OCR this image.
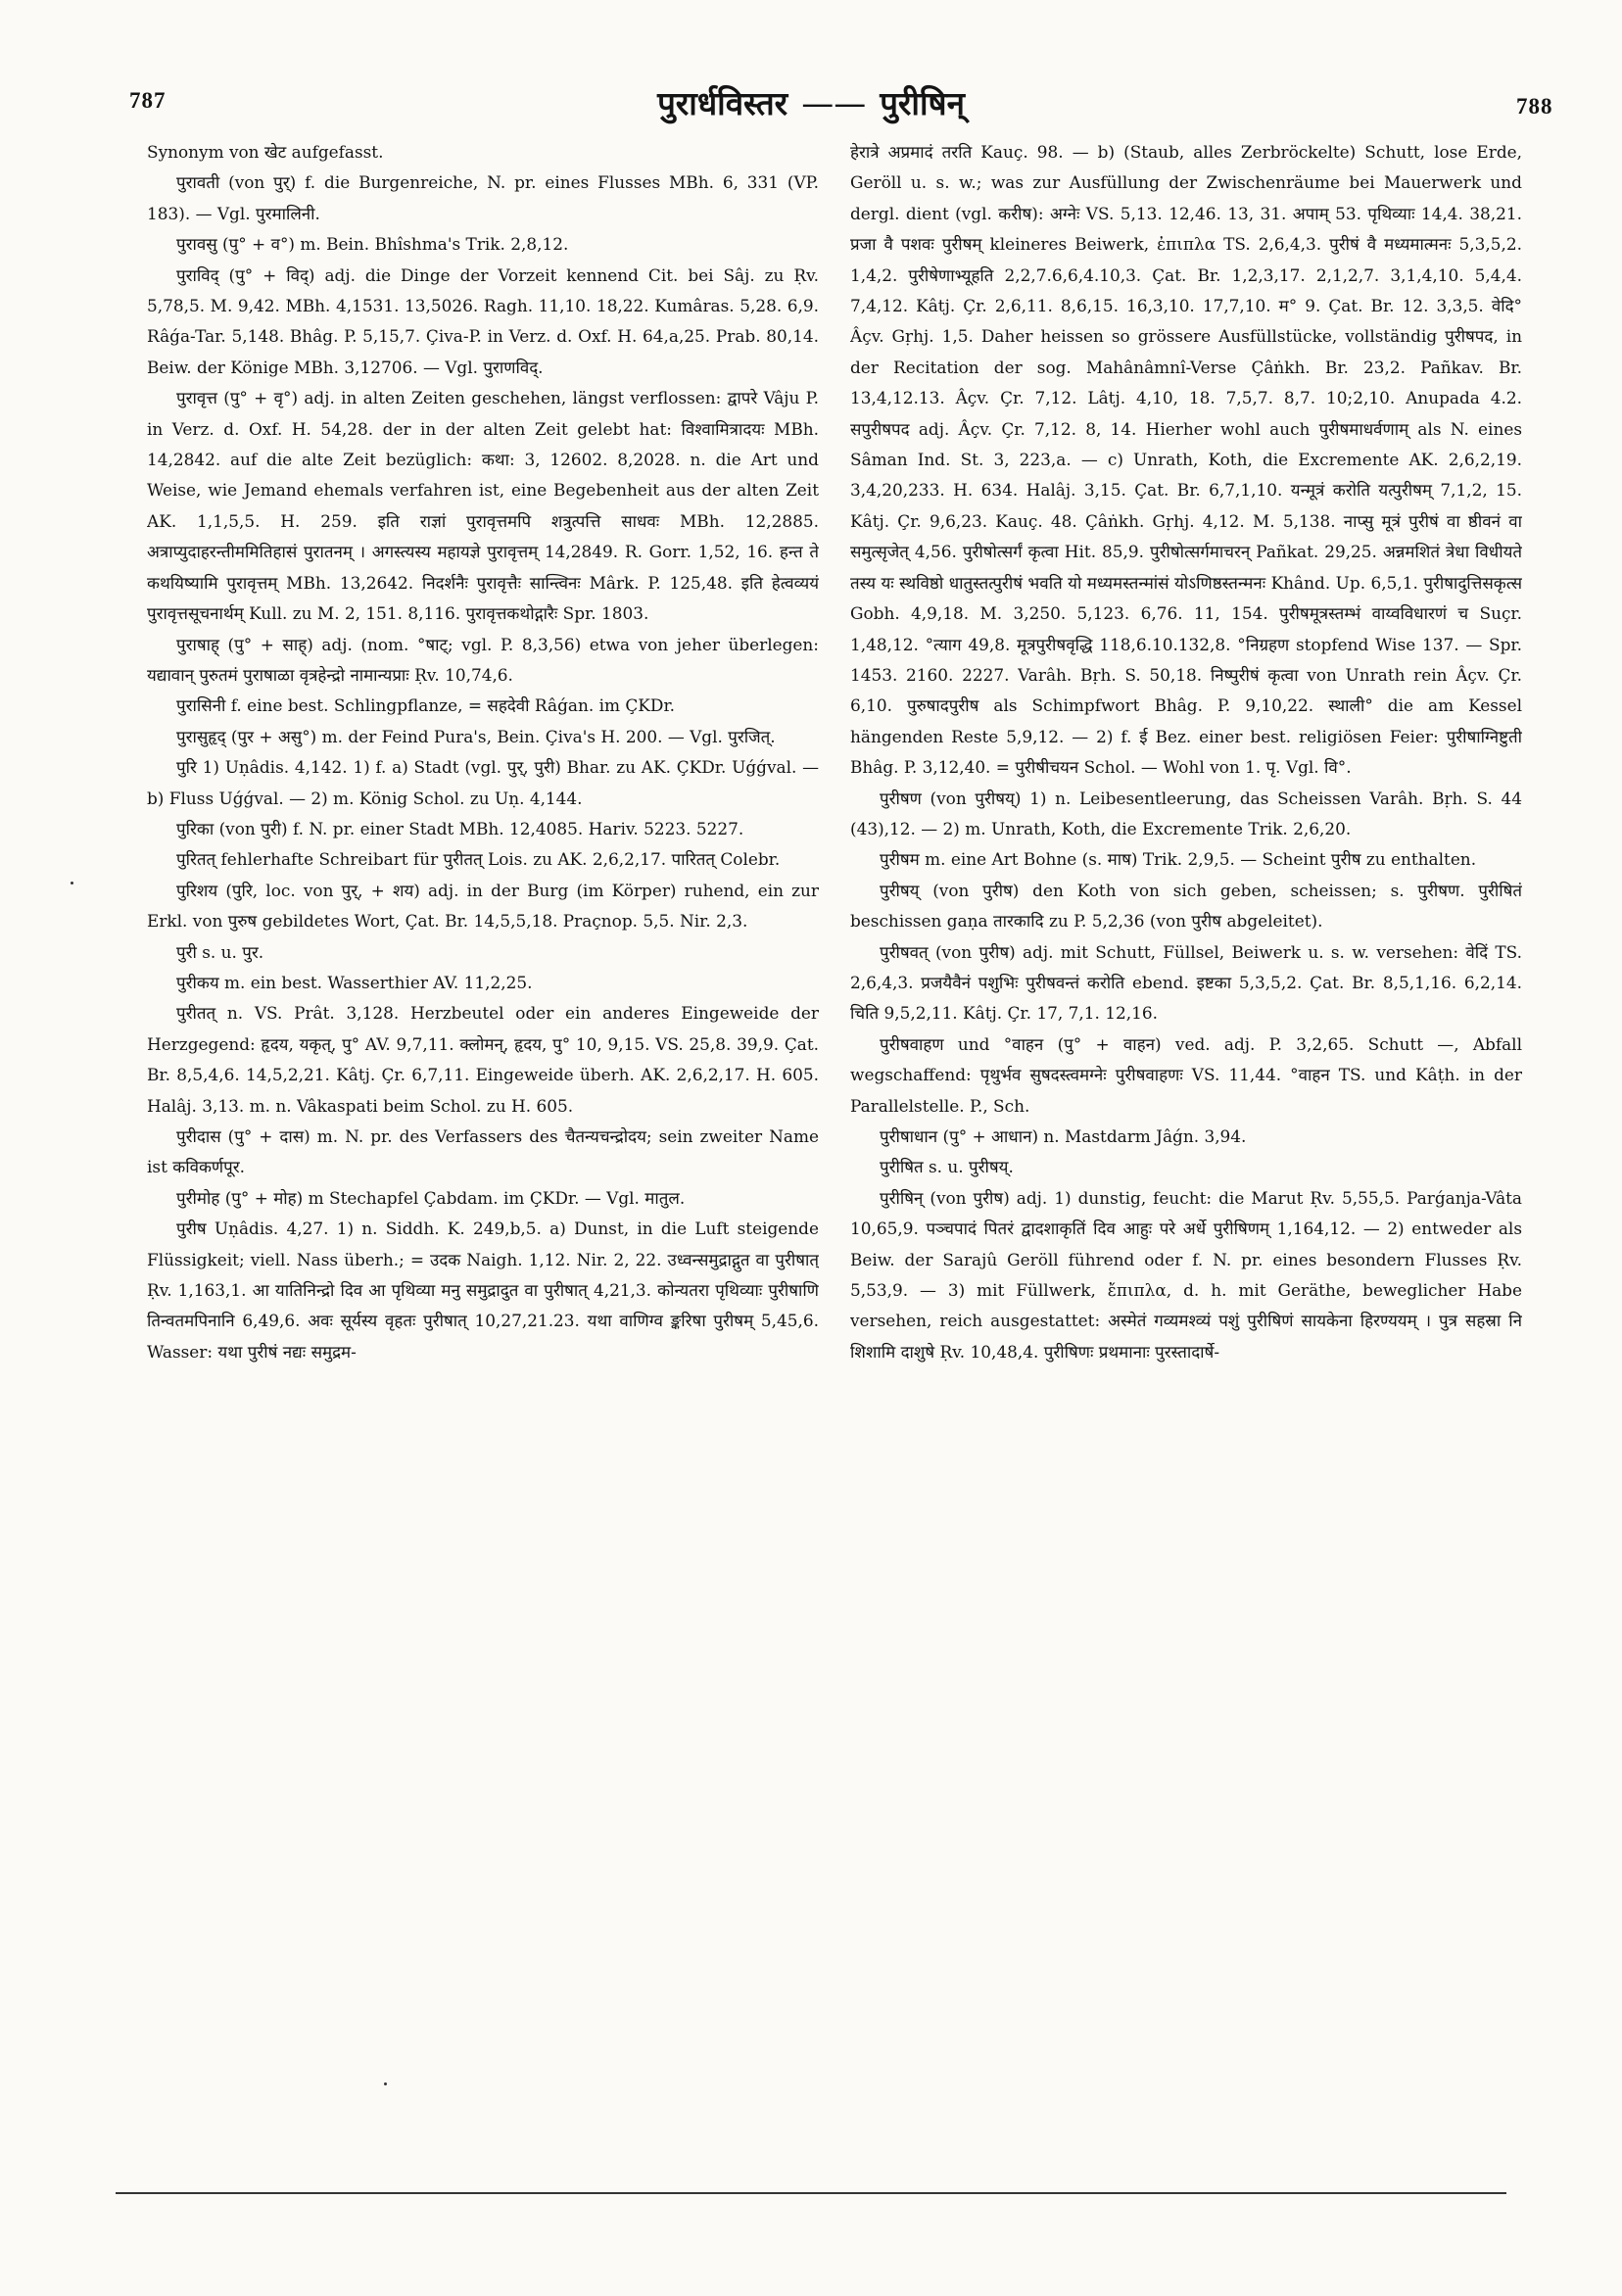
787	पुरार्धविस्तर —— पुरीषिन्	788

Synonym von खेट aufgefasst.

पुरावती (von पुर्) f. die Burgenreiche, N. pr. eines Flusses MBh. 6, 331 (VP. 183). — Vgl. पुरमालिनी.

पुरावसु (पु° + व°) m. Bein. Bhîshma's Trik. 2,8,12.

पुराविद् (पु° + विद्) adj. die Dinge der Vorzeit kennend Cit. bei Sâj. zu Ṛv. 5,78,5. M. 9,42. MBh. 4,1531. 13,5026. Ragh. 11,10. 18,22. Kumâras. 5,28. 6,9. Râǵa-Tar. 5,148. Bhâg. P. 5,15,7. Çiva-P. in Verz. d. Oxf. H. 64,a,25. Prab. 80,14. Beiw. der Könige MBh. 3,12706. — Vgl. पुराणविद्.

पुरावृत्त (पु° + वृ°) adj. in alten Zeiten geschehen, längst verflossen: द्वापरे Vâju P. in Verz. d. Oxf. H. 54,28. der in der alten Zeit gelebt hat: विश्वामित्रादयः MBh. 14,2842. auf die alte Zeit bezüglich: कथा: 3, 12602. 8,2028. n. die Art und Weise, wie Jemand ehemals verfahren ist, eine Begebenheit aus der alten Zeit AK. 1,1,5,5. H. 259. इति राज्ञां पुरावृत्तमपि शत्रुत्पत्ति साधवः MBh. 12,2885. अत्राप्युदाहरन्तीममितिहासं पुरातनम् । अगस्त्यस्य महायज्ञे पुरावृत्तम् 14,2849. R. Gorr. 1,52, 16. हन्त ते कथयिष्यामि पुरावृत्तम् MBh. 13,2642. निदर्शनैः पुरावृत्तैः सान्त्विनः Mârk. P. 125,48. इति हेत्वव्ययं पुरावृत्तसूचनार्थम् Kull. zu M. 2, 151. 8,116. पुरावृत्तकथोद्गारैः Spr. 1803.

पुराषाह् (पु° + साह्) adj. (nom. °षाट्; vgl. P. 8,3,56) etwa von jeher überlegen: यद्यावान् पुरुतमं पुराषाळा वृत्रहेन्द्रो नामान्यप्राः Ṛv. 10,74,6.

पुरासिनी f. eine best. Schlingpflanze, = सहदेवी Râǵan. im ÇKDr.

पुरासुहृद् (पुर + असु°) m. der Feind Pura's, Bein. Çiva's H. 200. — Vgl. पुरजित्.

पुरि 1) Uṇâdis. 4,142. 1) f. a) Stadt (vgl. पुर्, पुरी) Bhar. zu AK. ÇKDr. Uǵǵval. — b) Fluss Uǵǵval. — 2) m. König Schol. zu Uṇ. 4,144.

पुरिका (von पुरी) f. N. pr. einer Stadt MBh. 12,4085. Hariv. 5223. 5227.

पुरितत् fehlerhafte Schreibart für पुरीतत् Lois. zu AK. 2,6,2,17. पारितत् Colebr.

पुरिशय (पुरि, loc. von पुर्, + शय) adj. in der Burg (im Körper) ruhend, ein zur Erkl. von पुरुष gebildetes Wort, Çat. Br. 14,5,5,18. Praçnop. 5,5. Nir. 2,3.

पुरी s. u. पुर.

पुरीकय m. ein best. Wasserthier AV. 11,2,25.

पुरीतत् n. VS. Prât. 3,128. Herzbeutel oder ein anderes Eingeweide der Herzgegend: हृदय, यकृत्, पु° AV. 9,7,11. क्लोमन्, हृदय, पु° 10, 9,15. VS. 25,8. 39,9. Çat. Br. 8,5,4,6. 14,5,2,21. Kâtj. Çr. 6,7,11. Eingeweide überh. AK. 2,6,2,17. H. 605. Halâj. 3,13. m. n. Vâkaspati beim Schol. zu H. 605.

पुरीदास (पु° + दास) m. N. pr. des Verfassers des चैतन्यचन्द्रोदय; sein zweiter Name ist कविकर्णपूर.

पुरीमोह (पु° + मोह) m Stechapfel Çabdam. im ÇKDr. — Vgl. मातुल.

पुरीष Uṇâdis. 4,27. 1) n. Siddh. K. 249,b,5. a) Dunst, in die Luft steigende Flüssigkeit; viell. Nass überh.; = उदक Naigh. 1,12. Nir. 2, 22. उध्वन्समुद्राद्गुत वा पुरीषात् Ṛv. 1,163,1. आ यातिनिन्द्रो दिव आ पृथिव्या मनु समुद्रादुत वा पुरीषात् 4,21,3. कोन्यतरा पृथिव्याः पुरीषाणि तिन्वतमपिनानि 6,49,6. अवः सूर्यस्य वृहतः पुरीषात् 10,27,21.23. यथा वाणिग्व ङ्करिषा पुरीषम् 5,45,6. Wasser: यथा पुरीषं नद्यः समुद्रम-

हेरात्रे अप्रमादं तरति Kauç. 98. — b) (Staub, alles Zerbröckelte) Schutt, lose Erde, Geröll u. s. w.; was zur Ausfüllung der Zwischenräume bei Mauerwerk und dergl. dient (vgl. करीष): अग्नेः VS. 5,13. 12,46. 13, 31. अपाम् 53. पृथिव्याः 14,4. 38,21. प्रजा वै पशवः पुरीषम् kleineres Beiwerk, ἐπιπλα TS. 2,6,4,3. पुरीषं वै मध्यमात्मनः 5,3,5,2. 1,4,2. पुरीषेणाभ्यूहति 2,2,7.6,6,4.10,3. Çat. Br. 1,2,3,17. 2,1,2,7. 3,1,4,10. 5,4,4. 7,4,12. Kâtj. Çr. 2,6,11. 8,6,15. 16,3,10. 17,7,10. म° 9. Çat. Br. 12. 3,3,5. वेदि° Âçv. Gṛhj. 1,5. Daher heissen so grössere Ausfüllstücke, vollständig पुरीषपद, in der Recitation der sog. Mahânâmnî-Verse Çâṅkh. Br. 23,2. Pañkav. Br. 13,4,12.13. Âçv. Çr. 7,12. Lâtj. 4,10, 18. 7,5,7. 8,7. 10;2,10. Anupada 4.2. सपुरीषपद adj. Âçv. Çr. 7,12. 8, 14. Hierher wohl auch पुरीषमाधर्वणाम् als N. eines Sâman Ind. St. 3, 223,a. — c) Unrath, Koth, die Excremente AK. 2,6,2,19. 3,4,20,233. H. 634. Halâj. 3,15. Çat. Br. 6,7,1,10. यन्मूत्रं करोति यत्पुरीषम् 7,1,2, 15. Kâtj. Çr. 9,6,23. Kauç. 48. Çâṅkh. Gṛhj. 4,12. M. 5,138. नाप्सु मूत्रं पुरीषं वा ष्ठीवनं वा समुत्सृजेत् 4,56. पुरीषोत्सर्गं कृत्वा Hit. 85,9. पुरीषोत्सर्गमाचरन् Pañkat. 29,25. अन्नमशितं त्रेधा विधीयते तस्य यः स्थविष्ठो धातुस्तत्पुरीषं भवति यो मध्यमस्तन्मांसं योऽणिष्ठस्तन्मनः Khând. Up. 6,5,1. पुरीषादुत्तिसकृत्स Gobh. 4,9,18. M. 3,250. 5,123. 6,76. 11, 154. पुरीषमूत्रस्तम्भं वाय्वविधारणं च Suçr. 1,48,12. °त्याग 49,8. मूत्रपुरीषवृद्धि 118,6.10.132,8. °निग्रहण stopfend Wise 137. — Spr. 1453. 2160. 2227. Varâh. Bṛh. S. 50,18. निष्पुरीषं कृत्वा von Unrath rein Âçv. Çr. 6,10. पुरुषादपुरीष als Schimpfwort Bhâg. P. 9,10,22. स्थाली° die am Kessel hängenden Reste 5,9,12. — 2) f. ई Bez. einer best. religiösen Feier: पुरीषाग्निष्टुती Bhâg. P. 3,12,40. = पुरीषीचयन Schol. — Wohl von 1. पृ. Vgl. वि°.

पुरीषण (von पुरीषय्) 1) n. Leibesentleerung, das Scheissen Varâh. Bṛh. S. 44 (43),12. — 2) m. Unrath, Koth, die Excremente Trik. 2,6,20.

पुरीषम m. eine Art Bohne (s. माष) Trik. 2,9,5. — Scheint पुरीष zu enthalten.

पुरीषय् (von पुरीष) den Koth von sich geben, scheissen; s. पुरीषण. पुरीषितं beschissen gaṇa तारकादि zu P. 5,2,36 (von पुरीष abgeleitet).

पुरीषवत् (von पुरीष) adj. mit Schutt, Füllsel, Beiwerk u. s. w. versehen: वेदिं TS. 2,6,4,3. प्रजयैवैनं पशुभिः पुरीषवन्तं करोति ebend. इष्टका 5,3,5,2. Çat. Br. 8,5,1,16. 6,2,14. चिति 9,5,2,11. Kâtj. Çr. 17, 7,1. 12,16.

पुरीषवाहण und °वाहन (पु° + वाहन) ved. adj. P. 3,2,65. Schutt —, Abfall wegschaffend: पृथुर्भव सुषदस्त्वमग्नेः पुरीषवाहणः VS. 11,44. °वाहन TS. und Kâṭh. in der Parallelstelle. P., Sch.

पुरीषाधान (पु° + आधान) n. Mastdarm Jâǵn. 3,94.

पुरीषित s. u. पुरीषय्.

पुरीषिन् (von पुरीष) adj. 1) dunstig, feucht: die Marut Ṛv. 5,55,5. Parǵanja-Vâta 10,65,9. पञ्चपादं पितरं द्वादशाकृतिं दिव आहुः परे अर्धे पुरीषिणम् 1,164,12. — 2) entweder als Beiw. der Sarajû Geröll führend oder f. N. pr. eines besondern Flusses Ṛv. 5,53,9. — 3) mit Füllwerk, ἔπιπλα, d. h. mit Geräthe, beweglicher Habe versehen, reich ausgestattet: अस्मेतं गव्यमश्व्यं पशुं पुरीषिणं सायकेना हिरण्ययम् । पुत्र सहस्रा नि शिशामि दाशुषे Ṛv. 10,48,4. पुरीषिणः प्रथमानाः पुरस्तादार्षे-
